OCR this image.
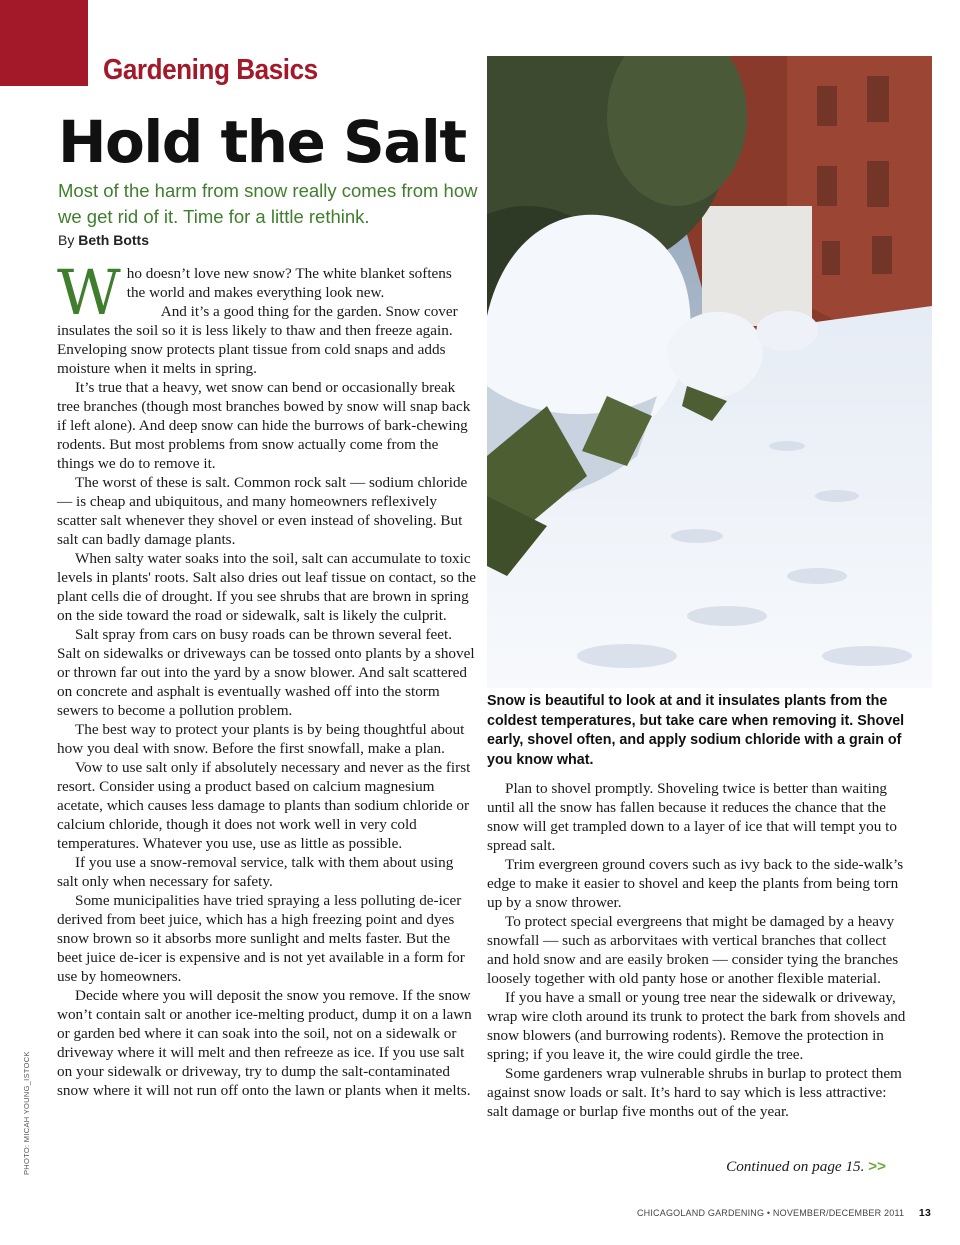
Gardening Basics
Hold the Salt
Most of the harm from snow really comes from how we get rid of it. Time for a little rethink.
By Beth Botts
W ho doesn’t love new snow? The white blanket softens
the world and makes everything look new.
And it’s a good thing for the garden. Snow cover insulates the soil so it is less likely to thaw and then freeze again. Enveloping snow protects plant tissue from cold snaps and adds moisture when it melts in spring.

It’s true that a heavy, wet snow can bend or occasionally break tree branches (though most branches bowed by snow will snap back if left alone). And deep snow can hide the burrows of bark-chewing rodents. But most problems from snow actually come from the things we do to remove it.

The worst of these is salt. Common rock salt — sodium chloride — is cheap and ubiquitous, and many homeowners reflexively scatter salt whenever they shovel or even instead of shoveling. But salt can badly damage plants.

When salty water soaks into the soil, salt can accumulate to toxic levels in plants' roots. Salt also dries out leaf tissue on contact, so the plant cells die of drought. If you see shrubs that are brown in spring on the side toward the road or sidewalk, salt is likely the culprit.

Salt spray from cars on busy roads can be thrown several feet. Salt on sidewalks or driveways can be tossed onto plants by a shovel or thrown far out into the yard by a snow blower. And salt scattered on concrete and asphalt is eventually washed off into the storm sewers to become a pollution problem.

The best way to protect your plants is by being thoughtful about how you deal with snow. Before the first snowfall, make a plan.

Vow to use salt only if absolutely necessary and never as the first resort. Consider using a product based on calcium magnesium acetate, which causes less damage to plants than sodium chloride or calcium chloride, though it does not work well in very cold temperatures. Whatever you use, use as little as possible.

If you use a snow-removal service, talk with them about using salt only when necessary for safety.

Some municipalities have tried spraying a less polluting de-icer derived from beet juice, which has a high freezing point and dyes snow brown so it absorbs more sunlight and melts faster. But the beet juice de-icer is expensive and is not yet available in a form for use by homeowners.

Decide where you will deposit the snow you remove. If the snow won’t contain salt or another ice-melting product, dump it on a lawn or garden bed where it can soak into the soil, not on a sidewalk or driveway where it will melt and then refreeze as ice. If you use salt on your sidewalk or driveway, try to dump the salt-contaminated snow where it will not run off onto the lawn or plants when it melts.

Snow is beautiful to look at and it insulates plants from the coldest temperatures, but take care when removing it. Shovel early, shovel often, and apply sodium chloride with a grain of you know what.

Plan to shovel promptly. Shoveling twice is better than waiting until all the snow has fallen because it reduces the chance that the snow will get trampled down to a layer of ice that will tempt you to spread salt.

Trim evergreen ground covers such as ivy back to the side-walk’s edge to make it easier to shovel and keep the plants from being torn up by a snow thrower.

To protect special evergreens that might be damaged by a heavy snowfall — such as arborvitaes with vertical branches that collect and hold snow and are easily broken — consider tying the branches loosely together with old panty hose or another flexible material.

If you have a small or young tree near the sidewalk or driveway, wrap wire cloth around its trunk to protect the bark from shovels and snow blowers (and burrowing rodents). Remove the protection in spring; if you leave it, the wire could girdle the tree.

Some gardeners wrap vulnerable shrubs in burlap to protect them against snow loads or salt. It’s hard to say which is less attractive: salt damage or burlap five months out of the year.

Continued on page 15. >>
PHOTO: MICAH YOUNG_ISTOCK
CHICAGOLAND GARDENING • NOVEMBER/DECEMBER 2011 13
